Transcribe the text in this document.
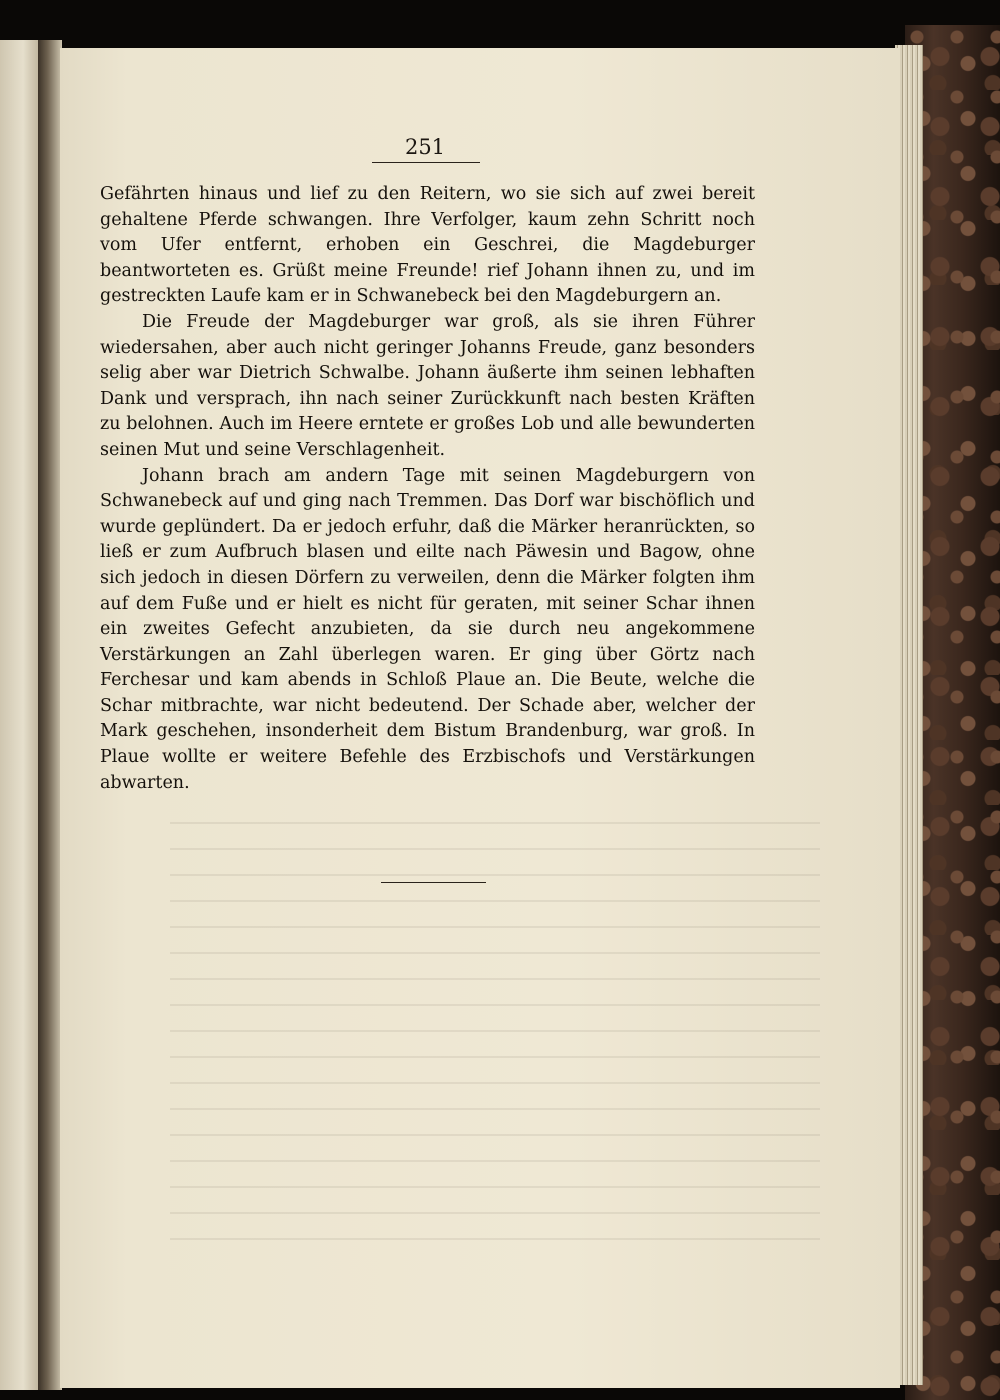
251

Gefährten hinaus und lief zu den Reitern, wo sie sich auf zwei bereit gehaltene Pferde schwangen. Ihre Verfolger, kaum zehn Schritt noch vom Ufer entfernt, erhoben ein Geschrei, die Magdeburger beantworteten es. Grüßt meine Freunde! rief Johann ihnen zu, und im gestreckten Laufe kam er in Schwanebeck bei den Magdeburgern an.

Die Freude der Magdeburger war groß, als sie ihren Führer wiedersahen, aber auch nicht geringer Johanns Freude, ganz besonders selig aber war Dietrich Schwalbe. Johann äußerte ihm seinen lebhaften Dank und versprach, ihn nach seiner Zurückkunft nach besten Kräften zu belohnen. Auch im Heere erntete er großes Lob und alle bewunderten seinen Mut und seine Verschlagenheit.

Johann brach am andern Tage mit seinen Magdeburgern von Schwanebeck auf und ging nach Tremmen. Das Dorf war bischöflich und wurde geplündert. Da er jedoch erfuhr, daß die Märker heranrückten, so ließ er zum Aufbruch blasen und eilte nach Päwesin und Bagow, ohne sich jedoch in diesen Dörfern zu verweilen, denn die Märker folgten ihm auf dem Fuße und er hielt es nicht für geraten, mit seiner Schar ihnen ein zweites Gefecht anzubieten, da sie durch neu angekommene Verstärkungen an Zahl überlegen waren. Er ging über Görtz nach Ferchesar und kam abends in Schloß Plaue an. Die Beute, welche die Schar mitbrachte, war nicht bedeutend. Der Schade aber, welcher der Mark geschehen, insonderheit dem Bistum Brandenburg, war groß. In Plaue wollte er weitere Befehle des Erzbischofs und Verstärkungen abwarten.
